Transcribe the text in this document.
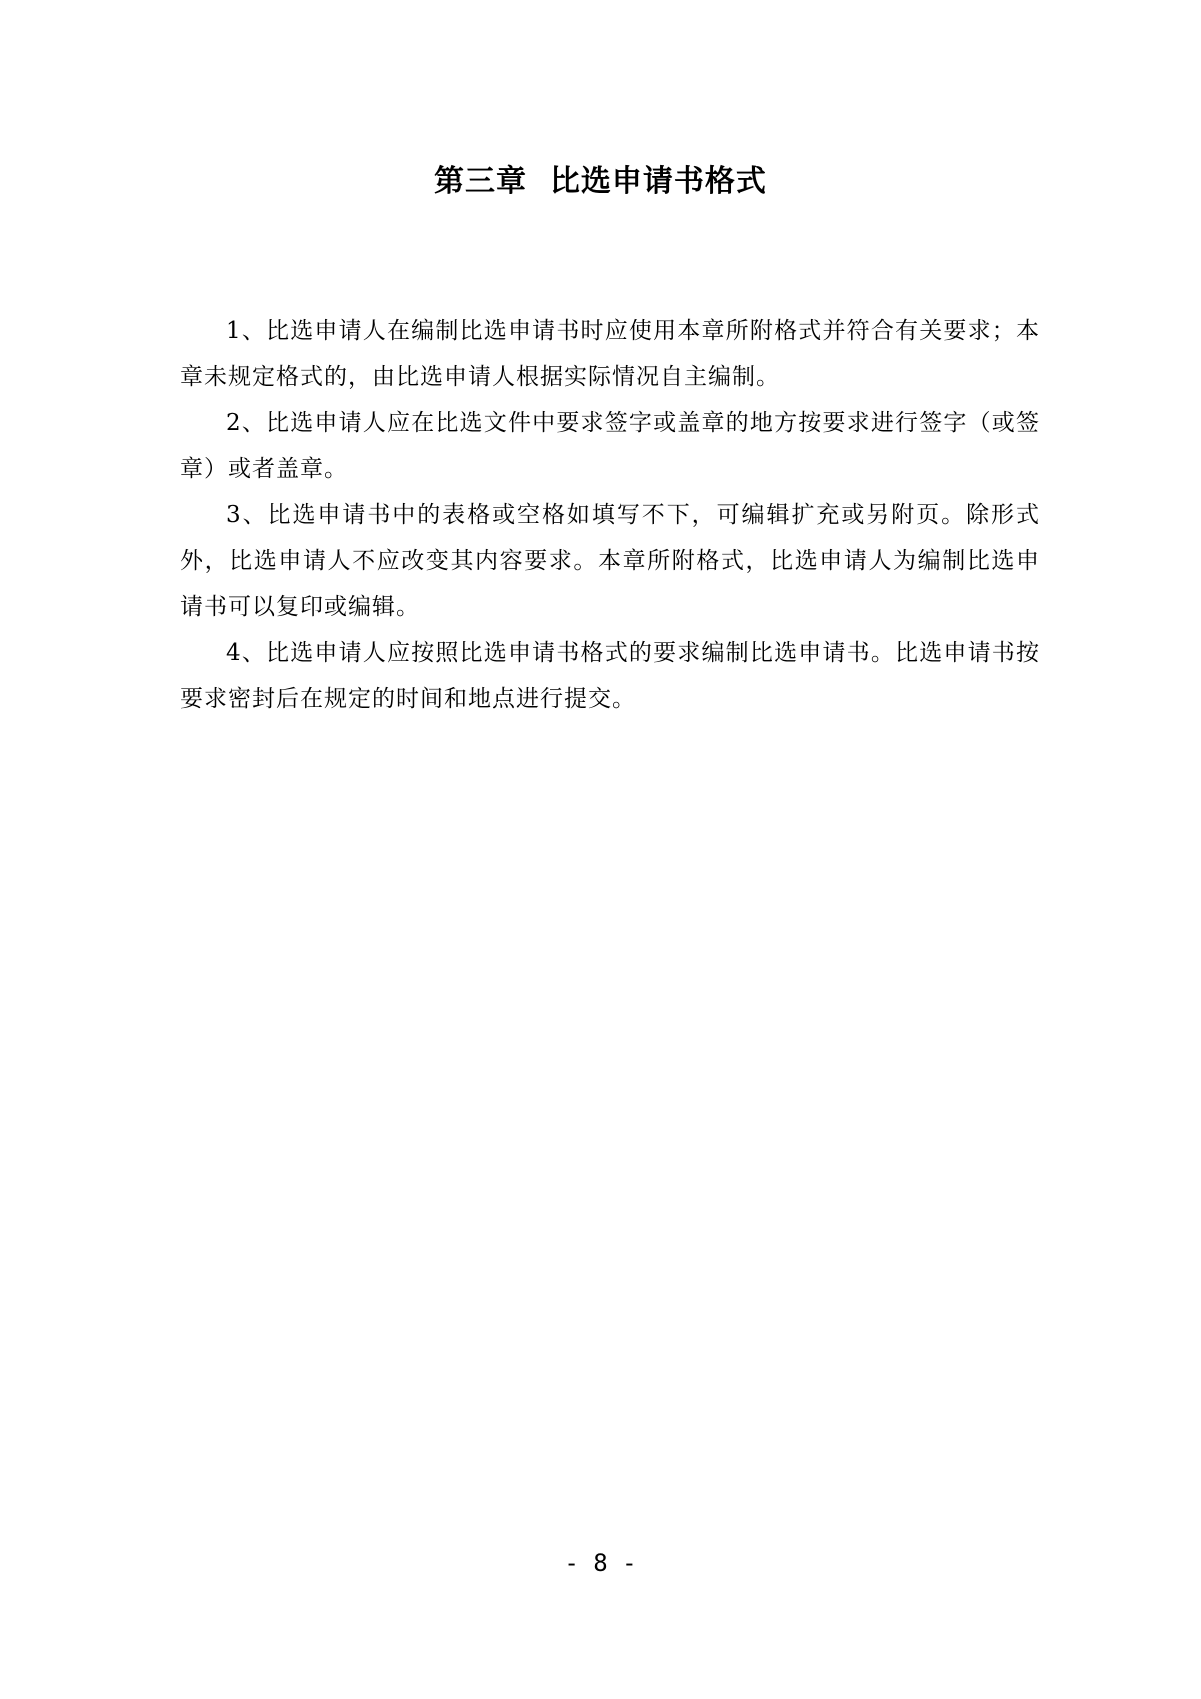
第三章  比选申请书格式

1、比选申请人在编制比选申请书时应使用本章所附格式并符合有关要求；本章未规定格式的，由比选申请人根据实际情况自主编制。

2、比选申请人应在比选文件中要求签字或盖章的地方按要求进行签字（或签章）或者盖章。

3、比选申请书中的表格或空格如填写不下，可编辑扩充或另附页。除形式外，比选申请人不应改变其内容要求。本章所附格式，比选申请人为编制比选申请书可以复印或编辑。

4、比选申请人应按照比选申请书格式的要求编制比选申请书。比选申请书按要求密封后在规定的时间和地点进行提交。

- 8 -
